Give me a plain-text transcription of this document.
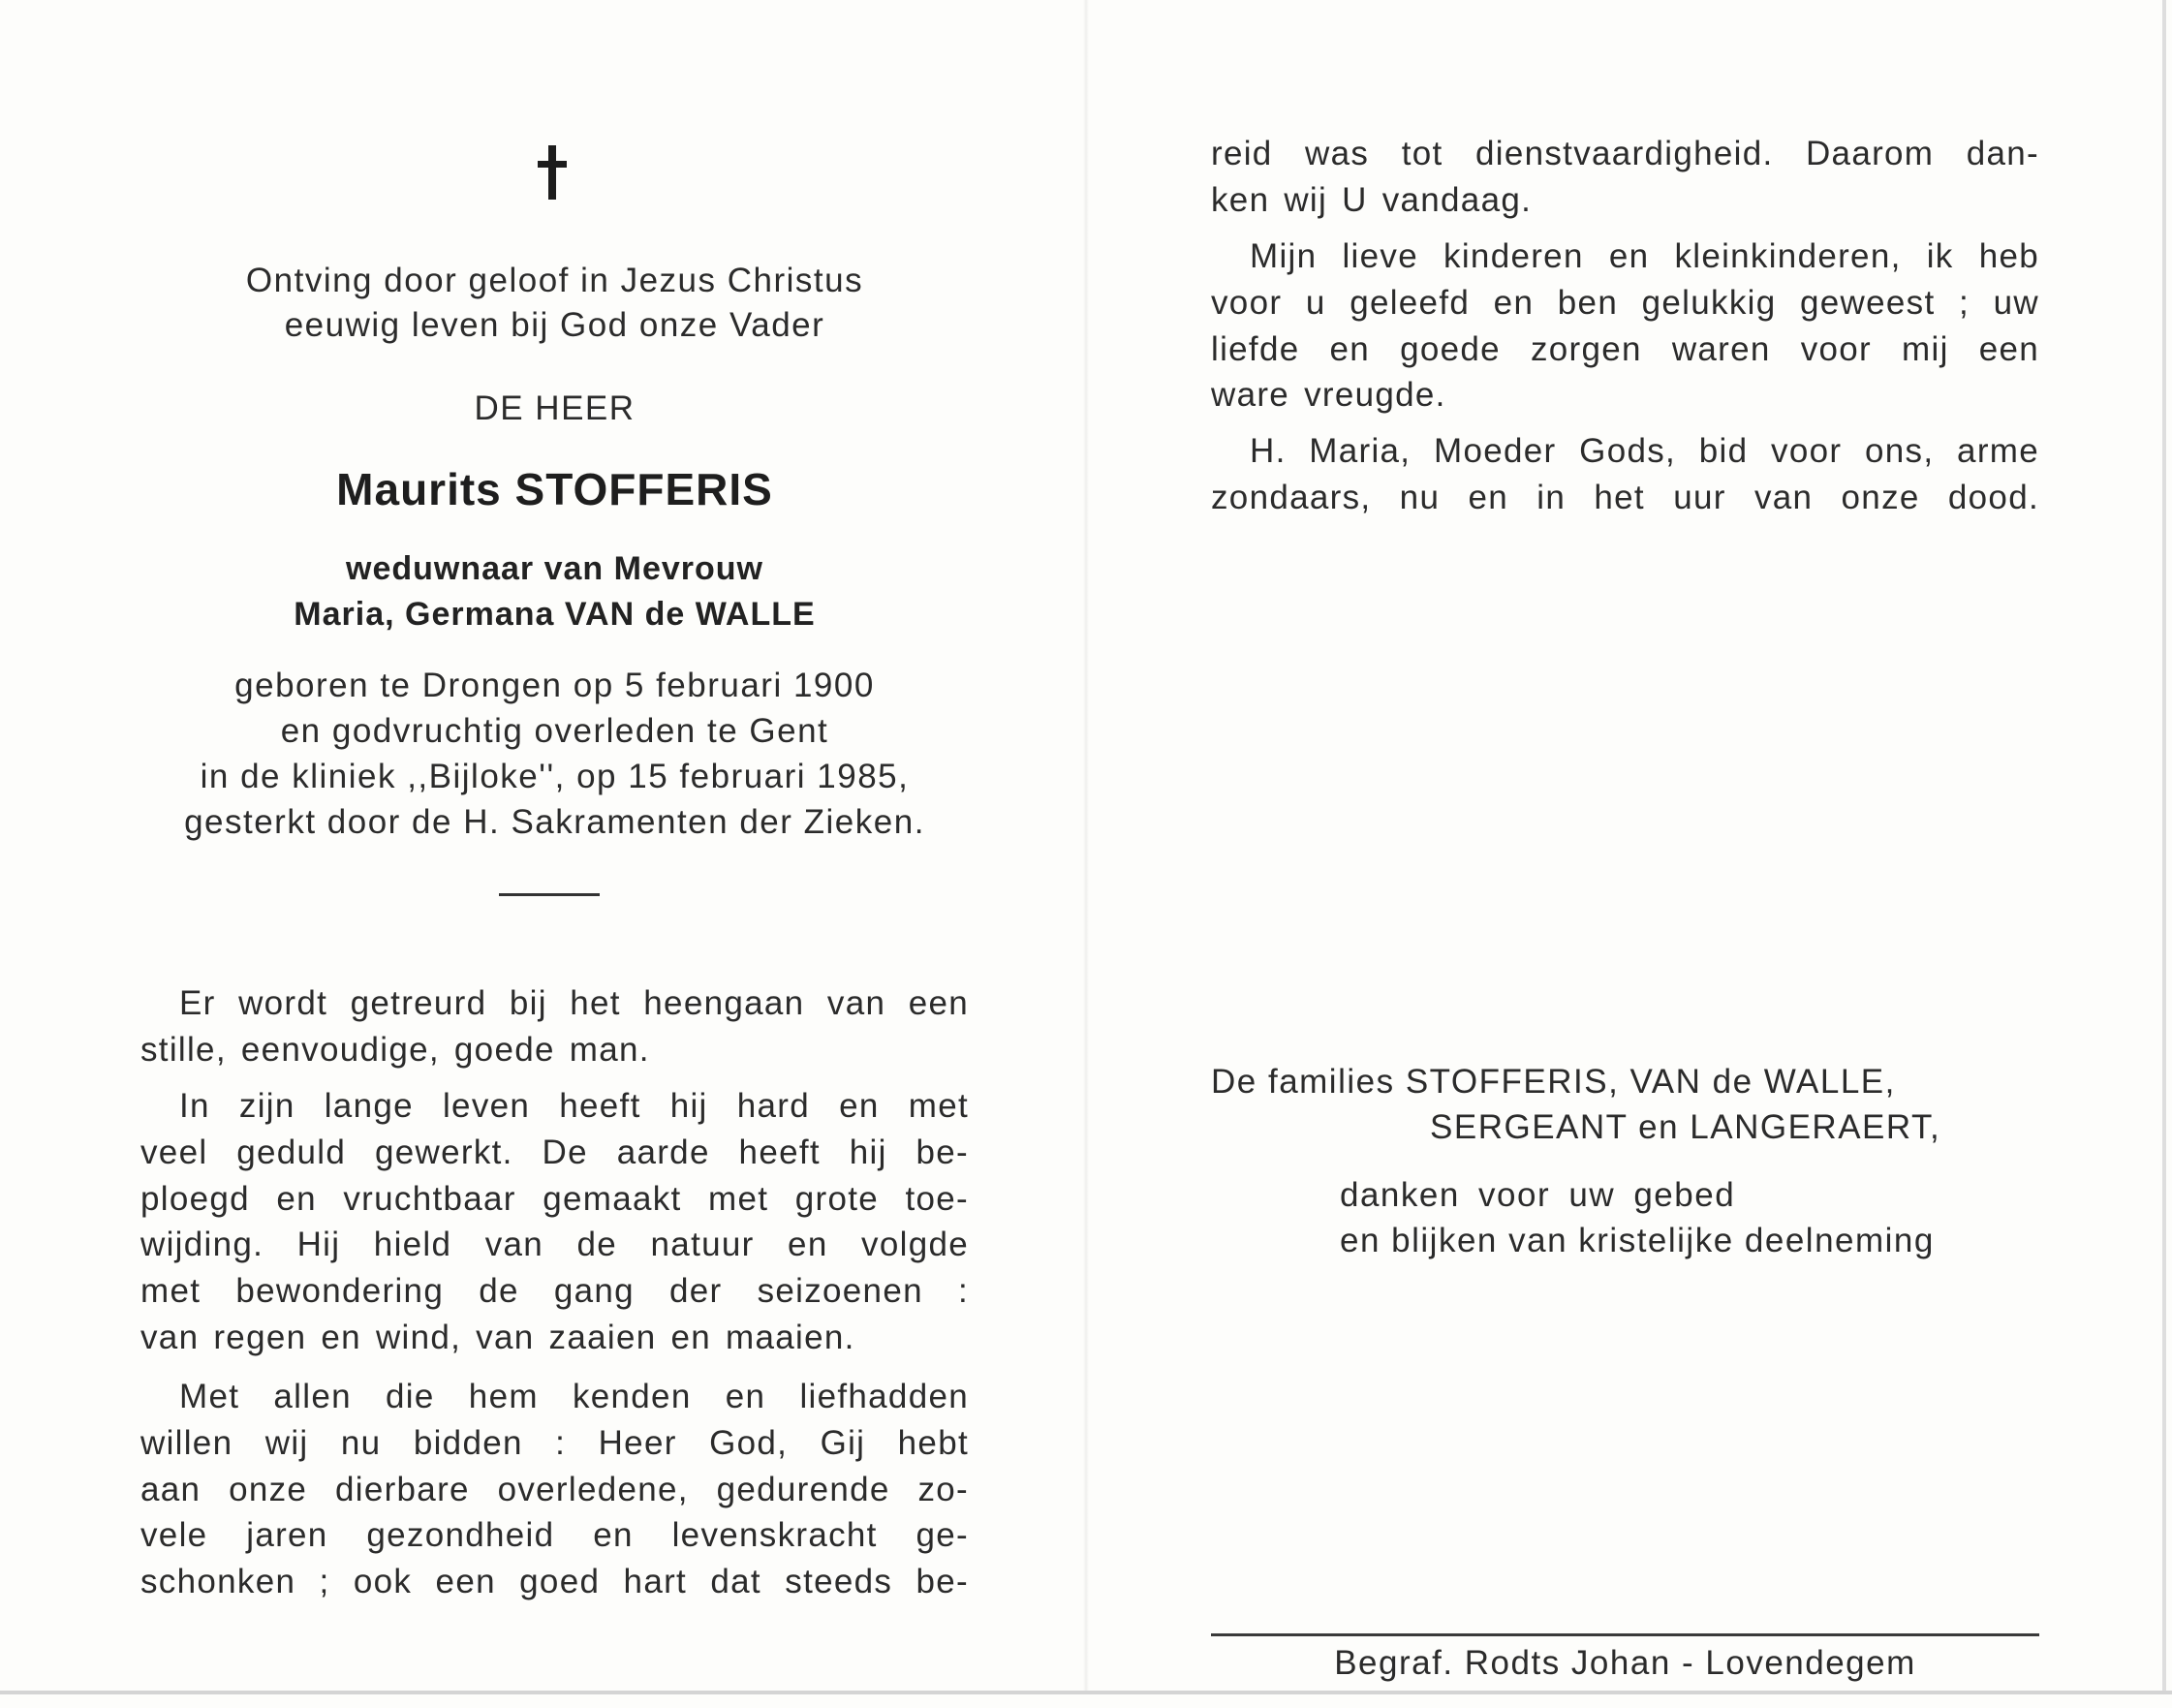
Ontving door geloof in Jezus Christus
eeuwig leven bij God onze Vader
DE HEER
Maurits STOFFERIS
weduwnaar van Mevrouw
Maria, Germana VAN de WALLE
geboren te Drongen op 5 februari 1900
en godvruchtig overleden te Gent
in de kliniek ,,Bijloke'', op 15 februari 1985,
gesterkt door de H. Sakramenten der Zieken.
Er wordt getreurd bij het heengaan van een
stille, eenvoudige, goede man.
In zijn lange leven heeft hij hard en met
veel geduld gewerkt. De aarde heeft hij be-
ploegd en vruchtbaar gemaakt met grote toe-
wijding. Hij hield van de natuur en volgde
met bewondering de gang der seizoenen :
van regen en wind, van zaaien en maaien.
Met allen die hem kenden en liefhadden
willen wij nu bidden : Heer God, Gij hebt
aan onze dierbare overledene, gedurende zo-
vele jaren gezondheid en levenskracht ge-
schonken ; ook een goed hart dat steeds be-
reid was tot dienstvaardigheid. Daarom dan-
ken wij U vandaag.
Mijn lieve kinderen en kleinkinderen, ik heb
voor u geleefd en ben gelukkig geweest ; uw
liefde en goede zorgen waren voor mij een
ware vreugde.
H. Maria, Moeder Gods, bid voor ons, arme
zondaars, nu en in het uur van onze dood.
De families STOFFERIS, VAN de WALLE,
SERGEANT en LANGERAERT,
danken voor uw gebed
en blijken van kristelijke deelneming
Begraf. Rodts Johan - Lovendegem
